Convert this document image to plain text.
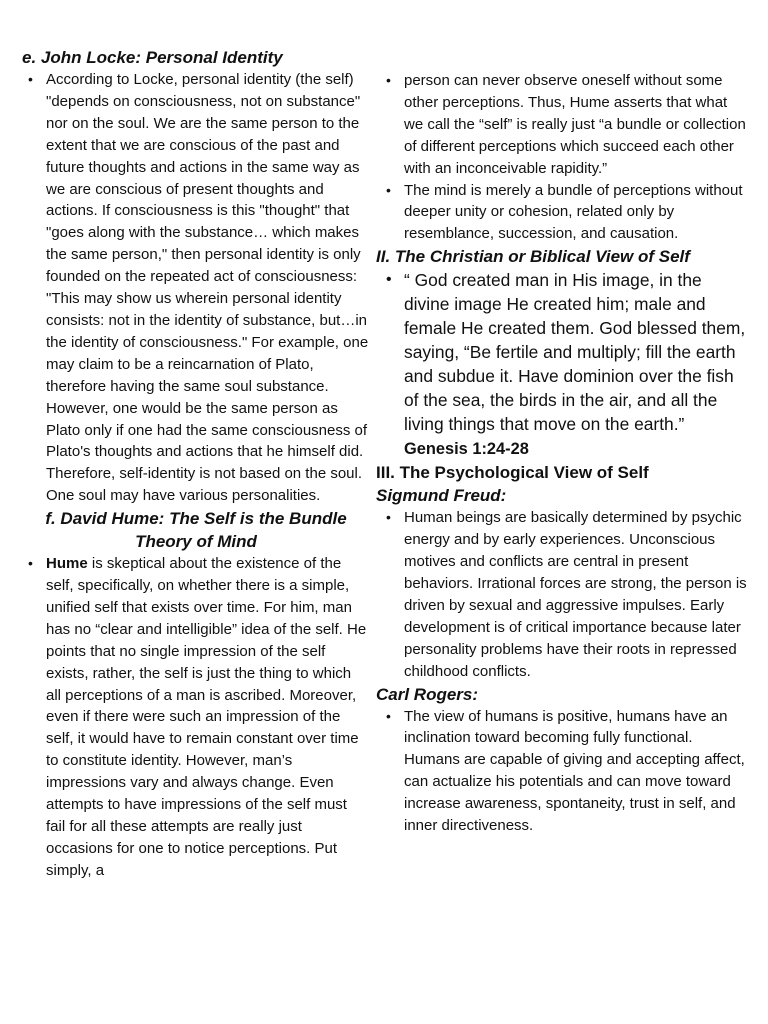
e. John Locke: Personal Identity
• According to Locke, personal identity (the self) "depends on consciousness, not on substance" nor on the soul. We are the same person to the extent that we are conscious of the past and future thoughts and actions in the same way as we are conscious of present thoughts and actions. If consciousness is this "thought" that "goes along with the substance… which makes the same person," then personal identity is only founded on the repeated act of consciousness: "This may show us wherein personal identity consists: not in the identity of substance, but…in the identity of consciousness." For example, one may claim to be a reincarnation of Plato, therefore having the same soul substance. However, one would be the same person as Plato only if one had the same consciousness of Plato's thoughts and actions that he himself did. Therefore, self-identity is not based on the soul. One soul may have various personalities.
f. David Hume: The Self is the Bundle Theory of Mind
• Hume is skeptical about the existence of the self, specifically, on whether there is a simple, unified self that exists over time. For him, man has no “clear and intelligible” idea of the self. He points that no single impression of the self exists, rather, the self is just the thing to which all perceptions of a man is ascribed. Moreover, even if there were such an impression of the self, it would have to remain constant over time to constitute identity. However, man’s impressions vary and always change. Even attempts to have impressions of the self must fail for all these attempts are really just occasions for one to notice perceptions. Put simply, a
• person can never observe oneself without some other perceptions. Thus, Hume asserts that what we call the “self” is really just “a bundle or collection of different perceptions which succeed each other with an inconceivable rapidity.”
• The mind is merely a bundle of perceptions without deeper unity or cohesion, related only by resemblance, succession, and causation.
II. The Christian or Biblical View of Self
• “ God created man in His image, in the divine image He created him; male and female He created them. God blessed them, saying, “Be fertile and multiply; fill the earth and subdue it. Have dominion over the fish of the sea, the birds in the air, and all the living things that move on the earth.” Genesis 1:24-28
III. The Psychological View of Self
Sigmund Freud:
• Human beings are basically determined by psychic energy and by early experiences. Unconscious motives and conflicts are central in present behaviors. Irrational forces are strong, the person is driven by sexual and aggressive impulses. Early development is of critical importance because later personality problems have their roots in repressed childhood conflicts.
Carl Rogers:
• The view of humans is positive, humans have an inclination toward becoming fully functional. Humans are capable of giving and accepting affect, can actualize his potentials and can move toward increase awareness, spontaneity, trust in self, and inner directiveness.
